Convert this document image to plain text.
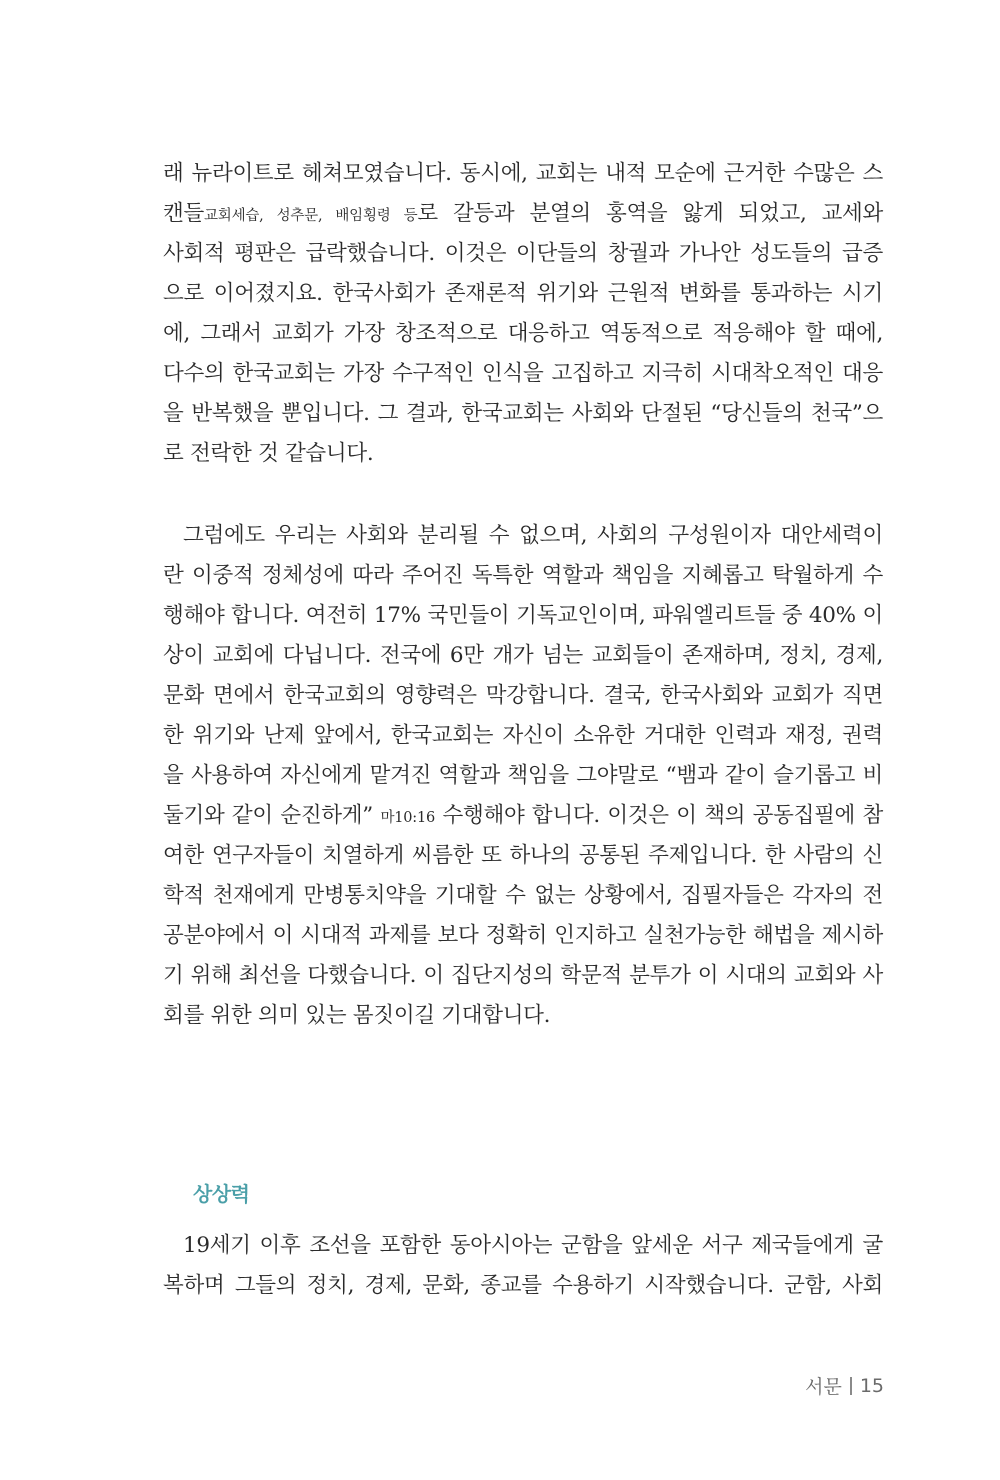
래 뉴라이트로 헤쳐모였습니다. 동시에, 교회는 내적 모순에 근거한 수많은 스
캔들교회세습, 성추문, 배임횡령 등로 갈등과 분열의 홍역을 앓게 되었고, 교세와
사회적 평판은 급락했습니다. 이것은 이단들의 창궐과 가나안 성도들의 급증
으로 이어졌지요. 한국사회가 존재론적 위기와 근원적 변화를 통과하는 시기
에, 그래서 교회가 가장 창조적으로 대응하고 역동적으로 적응해야 할 때에,
다수의 한국교회는 가장 수구적인 인식을 고집하고 지극히 시대착오적인 대응
을 반복했을 뿐입니다. 그 결과, 한국교회는 사회와 단절된 “당신들의 천국”으
로 전락한 것 같습니다.
그럼에도 우리는 사회와 분리될 수 없으며, 사회의 구성원이자 대안세력이
란 이중적 정체성에 따라 주어진 독특한 역할과 책임을 지혜롭고 탁월하게 수
행해야 합니다. 여전히 17% 국민들이 기독교인이며, 파워엘리트들 중 40% 이
상이 교회에 다닙니다. 전국에 6만 개가 넘는 교회들이 존재하며, 정치, 경제,
문화 면에서 한국교회의 영향력은 막강합니다. 결국, 한국사회와 교회가 직면
한 위기와 난제 앞에서, 한국교회는 자신이 소유한 거대한 인력과 재정, 권력
을 사용하여 자신에게 맡겨진 역할과 책임을 그야말로 “뱀과 같이 슬기롭고 비
둘기와 같이 순진하게” 마10:16 수행해야 합니다. 이것은 이 책의 공동집필에 참
여한 연구자들이 치열하게 씨름한 또 하나의 공통된 주제입니다. 한 사람의 신
학적 천재에게 만병통치약을 기대할 수 없는 상황에서, 집필자들은 각자의 전
공분야에서 이 시대적 과제를 보다 정확히 인지하고 실천가능한 해법을 제시하
기 위해 최선을 다했습니다. 이 집단지성의 학문적 분투가 이 시대의 교회와 사
회를 위한 의미 있는 몸짓이길 기대합니다.
상상력
19세기 이후 조선을 포함한 동아시아는 군함을 앞세운 서구 제국들에게 굴
복하며 그들의 정치, 경제, 문화, 종교를 수용하기 시작했습니다. 군함, 사회
서문 15
